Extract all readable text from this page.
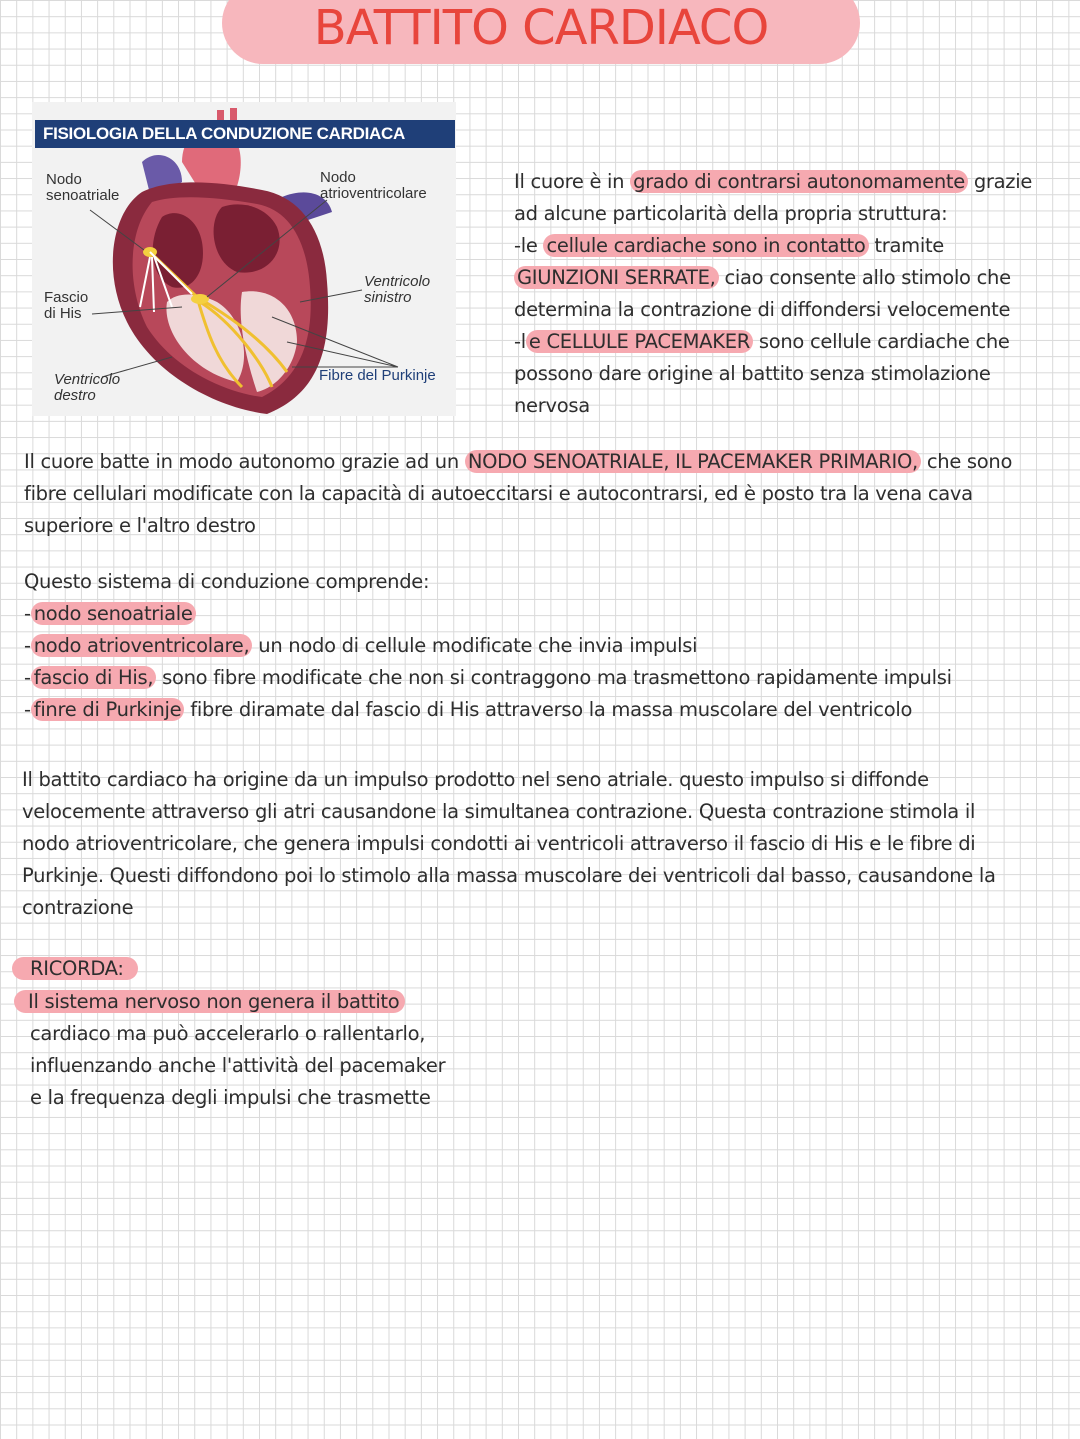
BATTITO CARDIACO
FISIOLOGIA DELLA CONDUZIONE CARDIACA
Nodo
senoatriale
Nodo
atrioventricolare
Ventricolo
sinistro
Fascio
di His
Ventricolo
destro
Fibre del Purkinje
Il cuore è in grado di contrarsi autonomamente grazie
ad alcune particolarità della propria struttura:
-le cellule cardiache sono in contatto tramite
GIUNZIONI SERRATE, ciao consente allo stimolo che
determina la contrazione di diffondersi velocemente
-l e CELLULE PACEMAKER sono cellule cardiache che
possono dare origine al battito senza stimolazione
nervosa
Il cuore batte in modo autonomo grazie ad un NODO SENOATRIALE, IL PACEMAKER PRIMARIO, che sono
fibre cellulari modificate con la capacità di autoeccitarsi e autocontrarsi, ed è posto tra la vena cava
superiore e l'altro destro
Questo sistema di conduzione comprende:
- nodo senoatriale
- nodo atrioventricolare, un nodo di cellule modificate che invia impulsi
- fascio di His, sono fibre modificate che non si contraggono ma trasmettono rapidamente impulsi
- finre di Purkinje fibre diramate dal fascio di His attraverso la massa muscolare del ventricolo
Il battito cardiaco ha origine da un impulso prodotto nel seno atriale. questo impulso si diffonde
velocemente attraverso gli atri causandone la simultanea contrazione. Questa contrazione stimola il
nodo atrioventricolare, che genera impulsi condotti ai ventricoli attraverso il fascio di His e le fibre di
Purkinje. Questi diffondono poi lo stimolo alla massa muscolare dei ventricoli dal basso, causandone la
contrazione
RICORDA:
Il sistema nervoso non genera il battito
cardiaco ma può accelerarlo o rallentarlo,
influenzando anche l'attività del pacemaker
e la frequenza degli impulsi che trasmette
